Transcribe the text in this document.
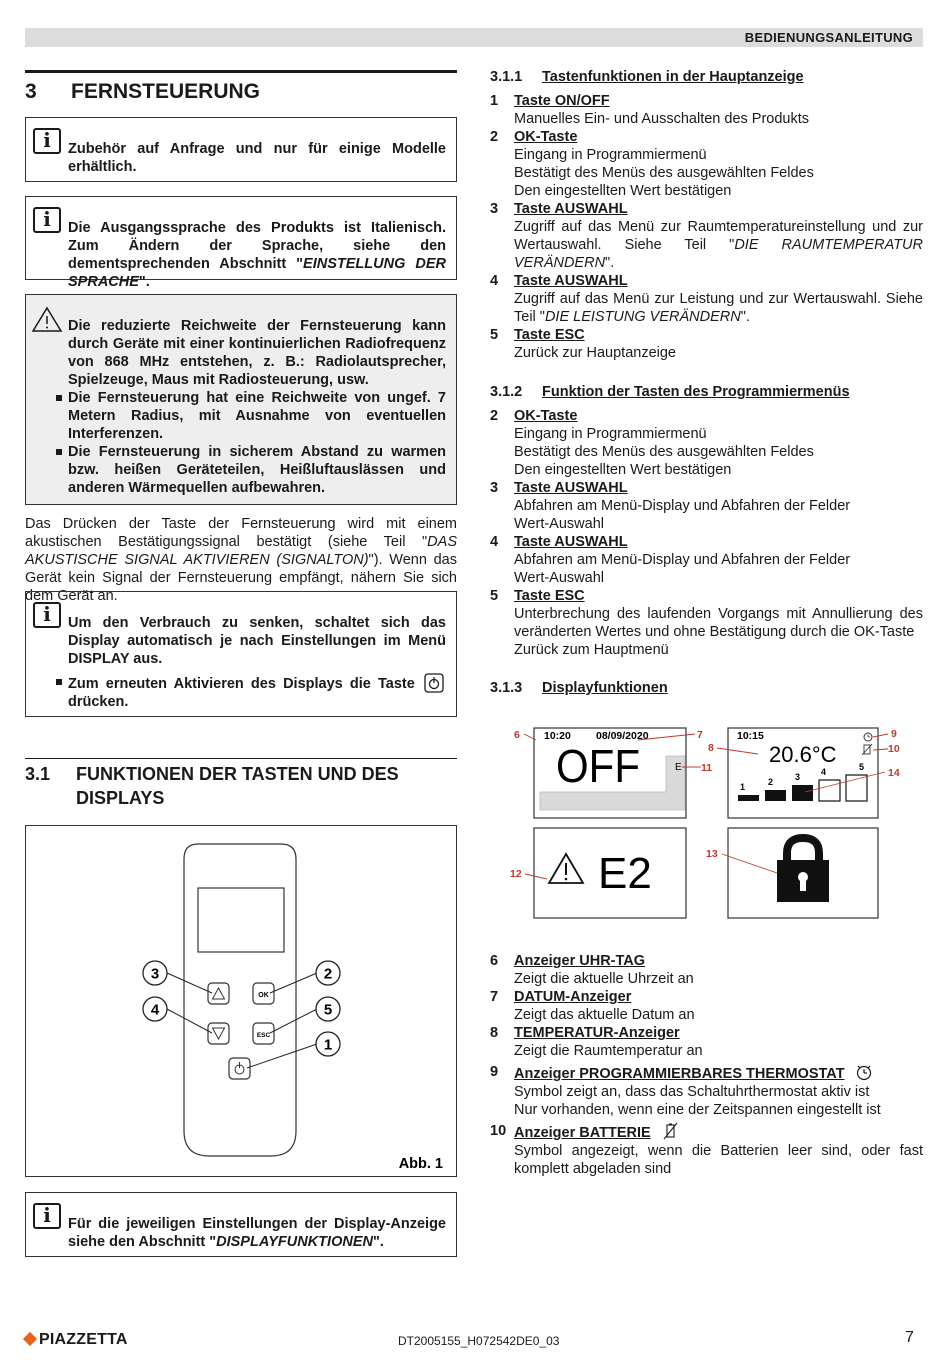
BEDIENUNGSANLEITUNG
3 FERNSTEUERUNG
i	Zubehör auf Anfrage und nur für einige Modelle erhältlich.
i	Die Ausgangssprache des Produkts ist Italienisch. Zum Ändern der Sprache, siehe den dementsprechenden Abschnitt "EINSTELLUNG DER SPRACHE".
Die reduzierte Reichweite der Fernsteuerung kann durch Geräte mit einer kontinuierlichen Radiofrequenz von 868 MHz entstehen, z. B.: Radiolautsprecher, Spielzeuge, Maus mit Radiosteuerung, usw.
Die Fernsteuerung hat eine Reichweite von ungef. 7 Metern Radius, mit Ausnahme von eventuellen Interferenzen.
Die Fernsteuerung in sicherem Abstand zu warmen bzw. heißen Geräteteilen, Heißluftauslässen und anderen Wärmequellen aufbewahren.
Das Drücken der Taste der Fernsteuerung wird mit einem akustischen Bestätigungssignal bestätigt (siehe Teil "DAS AKUSTISCHE SIGNAL AKTIVIEREN (SIGNALTON)"). Wenn das Gerät kein Signal der Fernsteuerung empfängt, nähern Sie sich dem Gerät an.
i	Um den Verbrauch zu senken, schaltet sich das Display automatisch je nach Einstellungen im Menü DISPLAY aus.
Zum erneuten Aktivieren des Displays die Taste  drücken.
3.1 FUNKTIONEN DER TASTEN UND DES DISPLAYS
OK
ESC
3
4
2
5
1
Abb. 1
i	Für die jeweiligen Einstellungen der Display-Anzeige siehe den Abschnitt "DISPLAYFUNKTIONEN".
3.1.1 Tastenfunktionen in der Hauptanzeige
1 Taste ON/OFF
Manuelles Ein- und Ausschalten des Produkts
2 OK-Taste
Eingang in Programmiermenü
Bestätigt des Menüs des ausgewählten Feldes
Den eingestellten Wert bestätigen
3 Taste AUSWAHL
Zugriff auf das Menü zur Raumtemperatureinstellung und zur Wertauswahl. Siehe Teil "DIE RAUMTEMPERATUR VERÄNDERN".
4 Taste AUSWAHL
Zugriff auf das Menü zur Leistung und zur Wertauswahl. Siehe Teil "DIE LEISTUNG VERÄNDERN".
5 Taste ESC
Zurück zur Hauptanzeige
3.1.2 Funktion der Tasten des Programmiermenüs
2 OK-Taste
Eingang in Programmiermenü
Bestätigt des Menüs des ausgewählten Feldes
Den eingestellten Wert bestätigen
3 Taste AUSWAHL
Abfahren am Menü-Display und Abfahren der Felder
Wert-Auswahl
4 Taste AUSWAHL
Abfahren am Menü-Display und Abfahren der Felder
Wert-Auswahl
5 Taste ESC
Unterbrechung des laufenden Vorgangs mit Annullierung des veränderten Wertes und ohne Bestätigung durch die OK-Taste
Zurück zum Hauptmenü
3.1.3 Displayfunktionen
10:20 08/09/2020
OFF	E
10:15
20.6°C
1	2 3 4	5
E2
6	7
8
9
10
11
12
13
14
6 Anzeiger UHR-TAG
Zeigt die aktuelle Uhrzeit an
7 DATUM-Anzeiger
Zeigt das aktuelle Datum an
8 TEMPERATUR-Anzeiger
Zeigt die Raumtemperatur an
9 Anzeiger PROGRAMMIERBARES THERMOSTAT
Symbol zeigt an, dass das Schaltuhrthermostat aktiv ist
Nur vorhanden, wenn eine der Zeitspannen eingestellt ist
10 Anzeiger BATTERIE
Symbol angezeigt, wenn die Batterien leer sind, oder fast komplett abgeladen sind
PIAZZETTA	DT2005155_H072542DE0_03	7
